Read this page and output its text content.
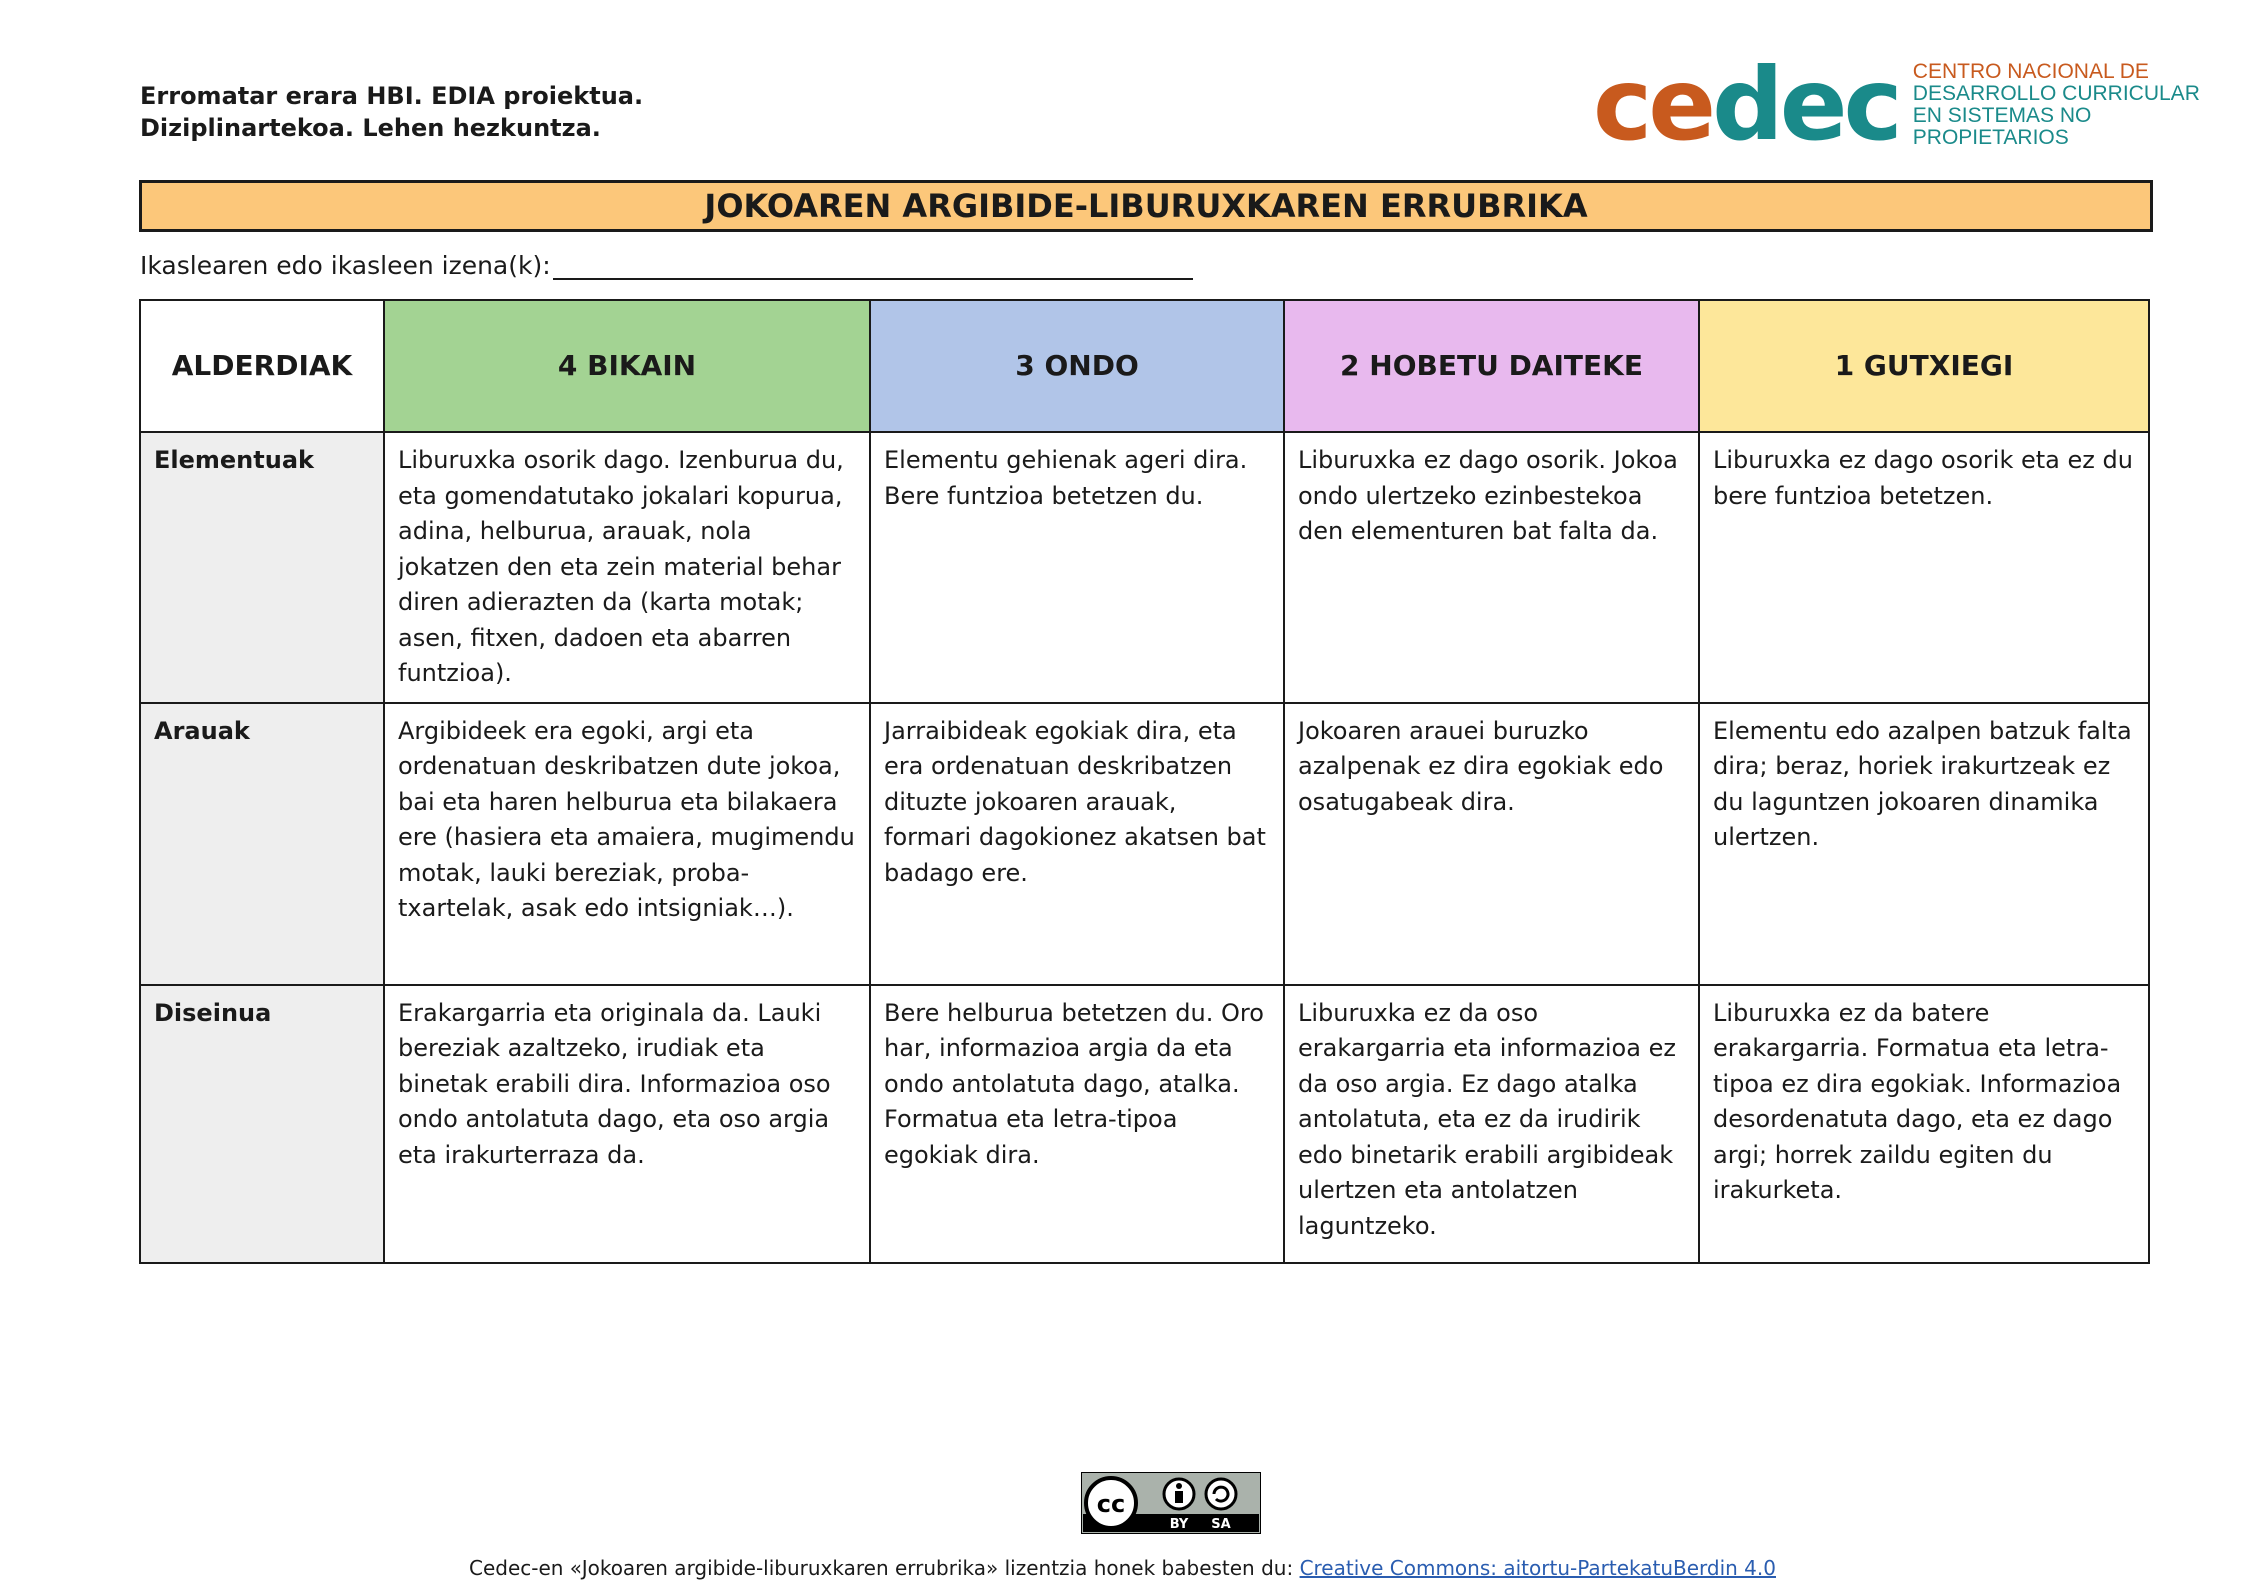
Erromatar erara HBI. EDIA proiektua.
Diziplinartekoa. Lehen hezkuntza.	cedec CENTRO NACIONAL DE
DESARROLLO CURRICULAR
EN SISTEMAS NO PROPIETARIOS
JOKOAREN ARGIBIDE-LIBURUXKAREN ERRUBRIKA
Ikaslearen edo ikasleen izena(k):
ALDERDIAK	4 BIKAIN	3 ONDO	2 HOBETU DAITEKE	1 GUTXIEGI
Elementuak	Liburuxka osorik dago. Izenburua du, eta gomendatutako jokalari kopurua, adina, helburua, arauak, nola jokatzen den eta zein material behar diren adierazten da (karta motak; asen, fitxen, dadoen eta abarren funtzioa).	Elementu gehienak ageri dira. Bere funtzioa betetzen du.	Liburuxka ez dago osorik. Jokoa ondo ulertzeko ezinbestekoa den elementuren bat falta da.	Liburuxka ez dago osorik eta ez du bere funtzioa betetzen.
Arauak	Argibideek era egoki, argi eta ordenatuan deskribatzen dute jokoa, bai eta haren helburua eta bilakaera ere (hasiera eta amaiera, mugimendu motak, lauki bereziak, proba-txartelak, asak edo intsigniak…).	Jarraibideak egokiak dira, eta era ordenatuan deskribatzen dituzte jokoaren arauak, formari dagokionez akatsen bat badago ere.	Jokoaren arauei buruzko azalpenak ez dira egokiak edo osatugabeak dira.	Elementu edo azalpen batzuk falta dira; beraz, horiek irakurtzeak ez du laguntzen jokoaren dinamika ulertzen.
Diseinua	Erakargarria eta originala da. Lauki bereziak azaltzeko, irudiak eta binetak erabili dira. Informazioa oso ondo antolatuta dago, eta oso argia eta irakurterraza da.	Bere helburua betetzen du. Oro har, informazioa argia da eta ondo antolatuta dago, atalka. Formatua eta letra-tipoa egokiak dira.	Liburuxka ez da oso erakargarria eta informazioa ez da oso argia. Ez dago atalka antolatuta, eta ez da irudirik edo binetarik erabili argibideak ulertzen eta antolatzen laguntzeko.	Liburuxka ez da batere erakargarria. Formatua eta letra-tipoa ez dira egokiak. Informazioa desordenatuta dago, eta ez dago argi; horrek zaildu egiten du irakurketa.
cc
BY SA
Cedec-en «Jokoaren argibide-liburuxkaren errubrika» lizentzia honek babesten du: Creative Commons: aitortu-PartekatuBerdin 4.0
